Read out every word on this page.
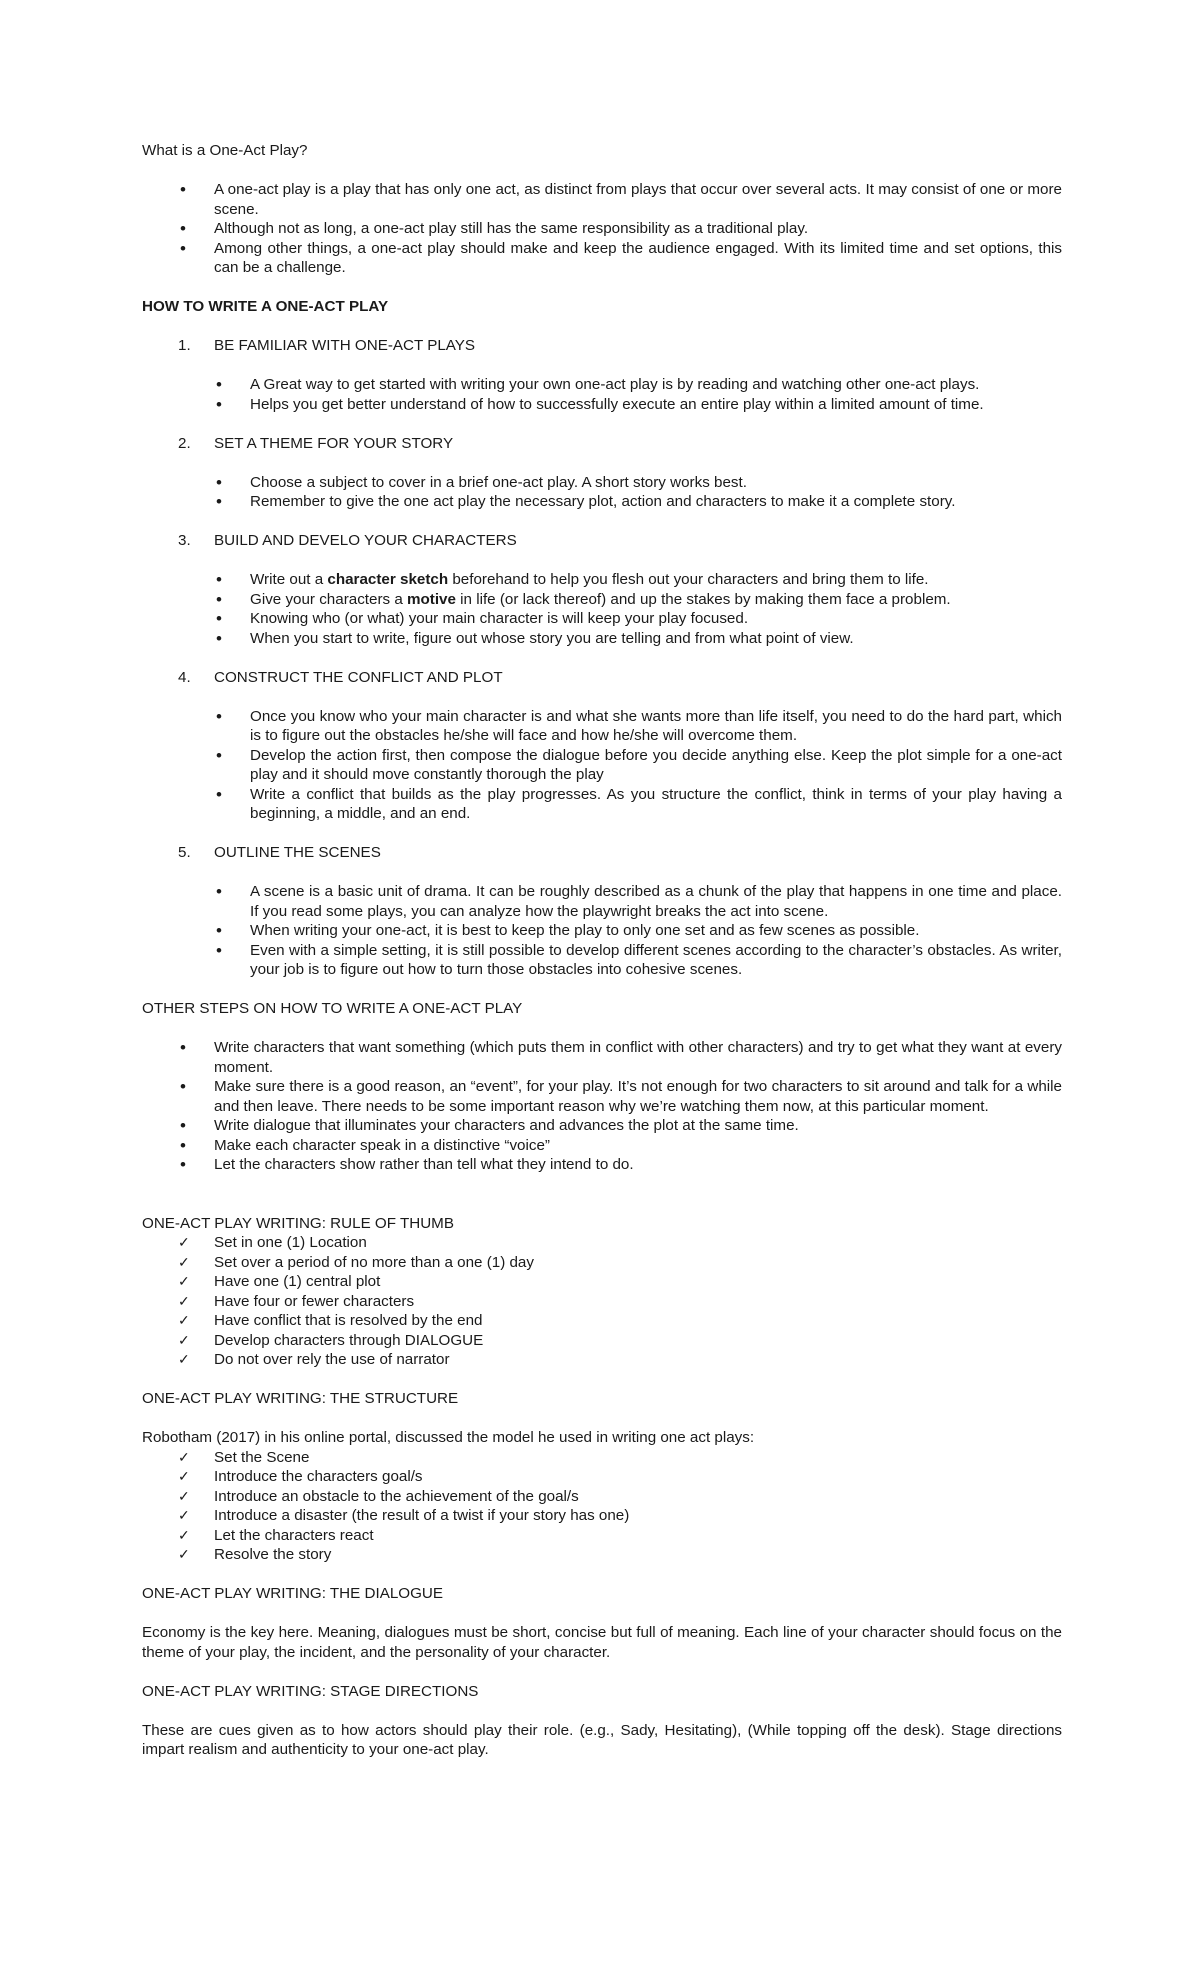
What is a One-Act Play?

• A one-act play is a play that has only one act, as distinct from plays that occur over several acts. It may consist of one or more scene.
• Although not as long, a one-act play still has the same responsibility as a traditional play.
• Among other things, a one-act play should make and keep the audience engaged. With its limited time and set options, this can be a challenge.

HOW TO WRITE A ONE-ACT PLAY

1. BE FAMILIAR WITH ONE-ACT PLAYS

• A Great way to get started with writing your own one-act play is by reading and watching other one-act plays.
• Helps you get better understand of how to successfully execute an entire play within a limited amount of time.

2. SET A THEME FOR YOUR STORY

• Choose a subject to cover in a brief one-act play. A short story works best.
• Remember to give the one act play the necessary plot, action and characters to make it a complete story.

3. BUILD AND DEVELO YOUR CHARACTERS

• Write out a character sketch beforehand to help you flesh out your characters and bring them to life.
• Give your characters a motive in life (or lack thereof) and up the stakes by making them face a problem.
• Knowing who (or what) your main character is will keep your play focused.
• When you start to write, figure out whose story you are telling and from what point of view.

4. CONSTRUCT THE CONFLICT AND PLOT

• Once you know who your main character is and what she wants more than life itself, you need to do the hard part, which is to figure out the obstacles he/she will face and how he/she will overcome them.
• Develop the action first, then compose the dialogue before you decide anything else. Keep the plot simple for a one-act play and it should move constantly thorough the play
• Write a conflict that builds as the play progresses. As you structure the conflict, think in terms of your play having a beginning, a middle, and an end.

5. OUTLINE THE SCENES

• A scene is a basic unit of drama. It can be roughly described as a chunk of the play that happens in one time and place. If you read some plays, you can analyze how the playwright breaks the act into scene.
• When writing your one-act, it is best to keep the play to only one set and as few scenes as possible.
• Even with a simple setting, it is still possible to develop different scenes according to the character’s obstacles. As writer, your job is to figure out how to turn those obstacles into cohesive scenes.

OTHER STEPS ON HOW TO WRITE A ONE-ACT PLAY

• Write characters that want something (which puts them in conflict with other characters) and try to get what they want at every moment.
• Make sure there is a good reason, an “event”, for your play. It’s not enough for two characters to sit around and talk for a while and then leave. There needs to be some important reason why we’re watching them now, at this particular moment.
• Write dialogue that illuminates your characters and advances the plot at the same time.
• Make each character speak in a distinctive “voice”
• Let the characters show rather than tell what they intend to do.

ONE-ACT PLAY WRITING: RULE OF THUMB

✓ Set in one (1) Location
✓ Set over a period of no more than a one (1) day
✓ Have one (1) central plot
✓ Have four or fewer characters
✓ Have conflict that is resolved by the end
✓ Develop characters through DIALOGUE
✓ Do not over rely the use of narrator

ONE-ACT PLAY WRITING: THE STRUCTURE

Robotham (2017) in his online portal, discussed the model he used in writing one act plays:

✓ Set the Scene
✓ Introduce the characters goal/s
✓ Introduce an obstacle to the achievement of the goal/s
✓ Introduce a disaster (the result of a twist if your story has one)
✓ Let the characters react
✓ Resolve the story

ONE-ACT PLAY WRITING: THE DIALOGUE

Economy is the key here. Meaning, dialogues must be short, concise but full of meaning. Each line of your character should focus on the theme of your play, the incident, and the personality of your character.

ONE-ACT PLAY WRITING: STAGE DIRECTIONS

These are cues given as to how actors should play their role. (e.g., Sady, Hesitating), (While topping off the desk). Stage directions impart realism and authenticity to your one-act play.
